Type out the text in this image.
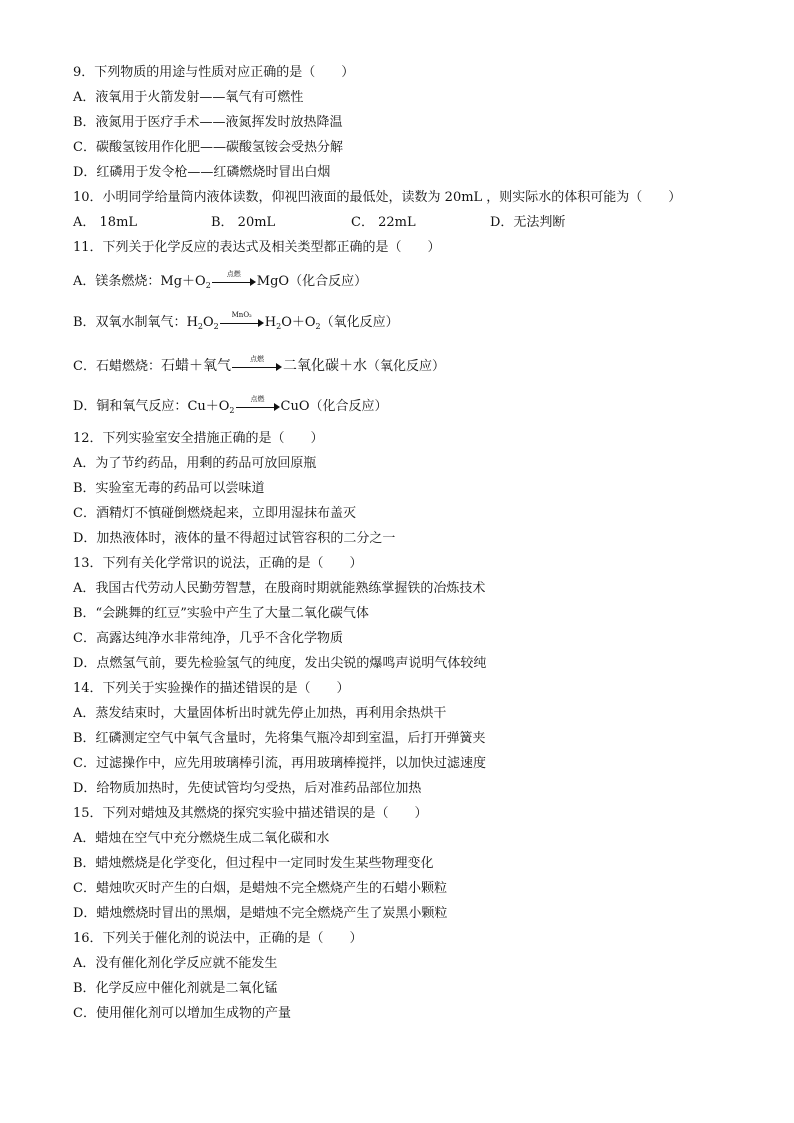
9．下列物质的用途与性质对应正确的是（　　）
A．液氧用于火箭发射——氧气有可燃性
B．液氮用于医疗手术——液氮挥发时放热降温
C．碳酸氢铵用作化肥——碳酸氢铵会受热分解
D．红磷用于发令枪——红磷燃烧时冒出白烟
10．小明同学给量筒内液体读数，仰视凹液面的最低处，读数为 20mL ，则实际水的体积可能为（　　）
A． 18mL	B． 20mL	C． 22mL	D．无法判断
11．下列关于化学反应的表达式及相关类型都正确的是（　　）
A．镁条燃烧：$Mg+O_2$
点燃	MgO（化合反应）
B．双氧水制氧气：$H_2O_2$
MnO₂ $H_2O+O_2$（氧化反应）
C．石蜡燃烧：石蜡＋氧气	点燃	二氧化碳＋水（氧化反应）
D．铜和氧气反应：$Cu+O_2$
点燃	CuO（化合反应）
12．下列实验室安全措施正确的是（　　）
A．为了节约药品，用剩的药品可放回原瓶
B．实验室无毒的药品可以尝味道
C．酒精灯不慎碰倒燃烧起来，立即用湿抹布盖灭
D．加热液体时，液体的量不得超过试管容积的二分之一
13．下列有关化学常识的说法，正确的是（　　）
A．我国古代劳动人民勤劳智慧，在殷商时期就能熟练掌握铁的冶炼技术
B．“会跳舞的红豆”实验中产生了大量二氧化碳气体
C．高露达纯净水非常纯净，几乎不含化学物质
D．点燃氢气前，要先检验氢气的纯度，发出尖锐的爆鸣声说明气体较纯
14．下列关于实验操作的描述错误的是（　　）
A．蒸发结束时，大量固体析出时就先停止加热，再利用余热烘干
B．红磷测定空气中氧气含量时，先将集气瓶冷却到室温，后打开弹簧夹
C．过滤操作中，应先用玻璃棒引流，再用玻璃棒搅拌，以加快过滤速度
D．给物质加热时，先使试管均匀受热，后对准药品部位加热
15．下列对蜡烛及其燃烧的探究实验中描述错误的是（　　）
A．蜡烛在空气中充分燃烧生成二氧化碳和水
B．蜡烛燃烧是化学变化，但过程中一定同时发生某些物理变化
C．蜡烛吹灭时产生的白烟，是蜡烛不完全燃烧产生的石蜡小颗粒
D．蜡烛燃烧时冒出的黑烟，是蜡烛不完全燃烧产生了炭黑小颗粒
16．下列关于催化剂的说法中，正确的是（　　）
A．没有催化剂化学反应就不能发生
B．化学反应中催化剂就是二氧化锰
C．使用催化剂可以增加生成物的产量
